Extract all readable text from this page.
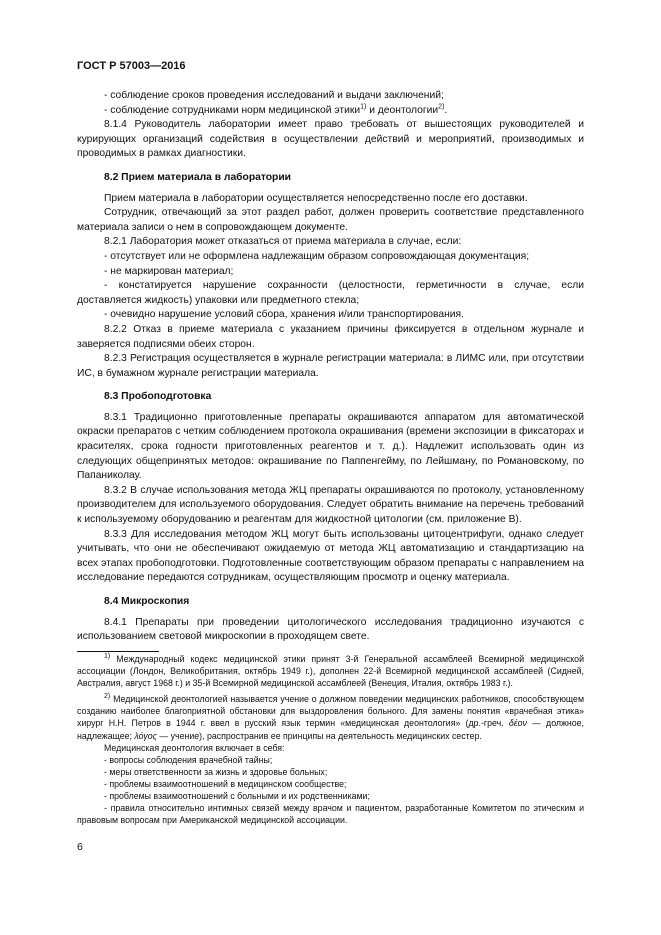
ГОСТ Р 57003—2016

- соблюдение сроков проведения исследований и выдачи заключений;

- соблюдение сотрудниками норм медицинской этики$^{1)}$ и деонтологии$^{2)}$.

8.1.4 Руководитель лаборатории имеет право требовать от вышестоящих руководителей и курирующих организаций содействия в осуществлении действий и мероприятий, производимых и проводимых в рамках диагностики.

8.2 Прием материала в лаборатории

Прием материала в лаборатории осуществляется непосредственно после его доставки.

Сотрудник, отвечающий за этот раздел работ, должен проверить соответствие представленного материала записи о нем в сопровождающем документе.

8.2.1 Лаборатория может отказаться от приема материала в случае, если:

- отсутствует или не оформлена надлежащим образом сопровождающая документация;

- не маркирован материал;

- констатируется нарушение сохранности (целостности, герметичности в случае, если доставляется жидкость) упаковки или предметного стекла;

- очевидно нарушение условий сбора, хранения и/или транспортирования.

8.2.2 Отказ в приеме материала с указанием причины фиксируется в отдельном журнале и заверяется подписями обеих сторон.

8.2.3 Регистрация осуществляется в журнале регистрации материала: в ЛИМС или, при отсутствии ИС, в бумажном журнале регистрации материала.

8.3 Пробоподготовка

8.3.1 Традиционно приготовленные препараты окрашиваются аппаратом для автоматической окраски препаратов с четким соблюдением протокола окрашивания (времени экспозиции в фиксаторах и красителях, срока годности приготовленных реагентов и т. д.). Надлежит использовать один из следующих общепринятых методов: окрашивание по Паппенгейму, по Лейшману, по Романовскому, по Папаниколау.

8.3.2 В случае использования метода ЖЦ препараты окрашиваются по протоколу, установленному производителем для используемого оборудования. Следует обратить внимание на перечень требований к используемому оборудованию и реагентам для жидкостной цитологии (см. приложение В).

8.3.3 Для исследования методом ЖЦ могут быть использованы цитоцентрифуги, однако следует учитывать, что они не обеспечивают ожидаемую от метода ЖЦ автоматизацию и стандартизацию на всех этапах пробоподготовки. Подготовленные соответствующим образом препараты с направлением на исследование передаются сотрудникам, осуществляющим просмотр и оценку материала.

8.4 Микроскопия

8.4.1 Препараты при проведении цитологического исследования традиционно изучаются с использованием световой микроскопии в проходящем свете.

$^{1)}$ Международный кодекс медицинской этики принят 3-й Генеральной ассамблеей Всемирной медицинской ассоциации (Лондон, Великобритания, октябрь 1949 г.), дополнен 22-й Всемирной медицинской ассамблеей (Сидней, Австралия, август 1968 г.) и 35-й Всемирной медицинской ассамблеей (Венеция, Италия, октябрь 1983 г.).

$^{2)}$ Медицинской деонтологией называется учение о должном поведении медицинских работников, способствующем созданию наиболее благоприятной обстановки для выздоровления больного. Для замены понятия «врачебная этика» хирург Н.Н. Петров в 1944 г. ввел в русский язык термин «медицинская деонтология» (др.-греч. δέον — должное, надлежащее; λόγος — учение), распространив ее принципы на деятельность медицинских сестер.

Медицинская деонтология включает в себя:

- вопросы соблюдения врачебной тайны;

- меры ответственности за жизнь и здоровье больных;

- проблемы взаимоотношений в медицинском сообществе;

- проблемы взаимоотношений с больными и их родственниками;

- правила относительно интимных связей между врачом и пациентом, разработанные Комитетом по этическим и правовым вопросам при Американской медицинской ассоциации.

6
